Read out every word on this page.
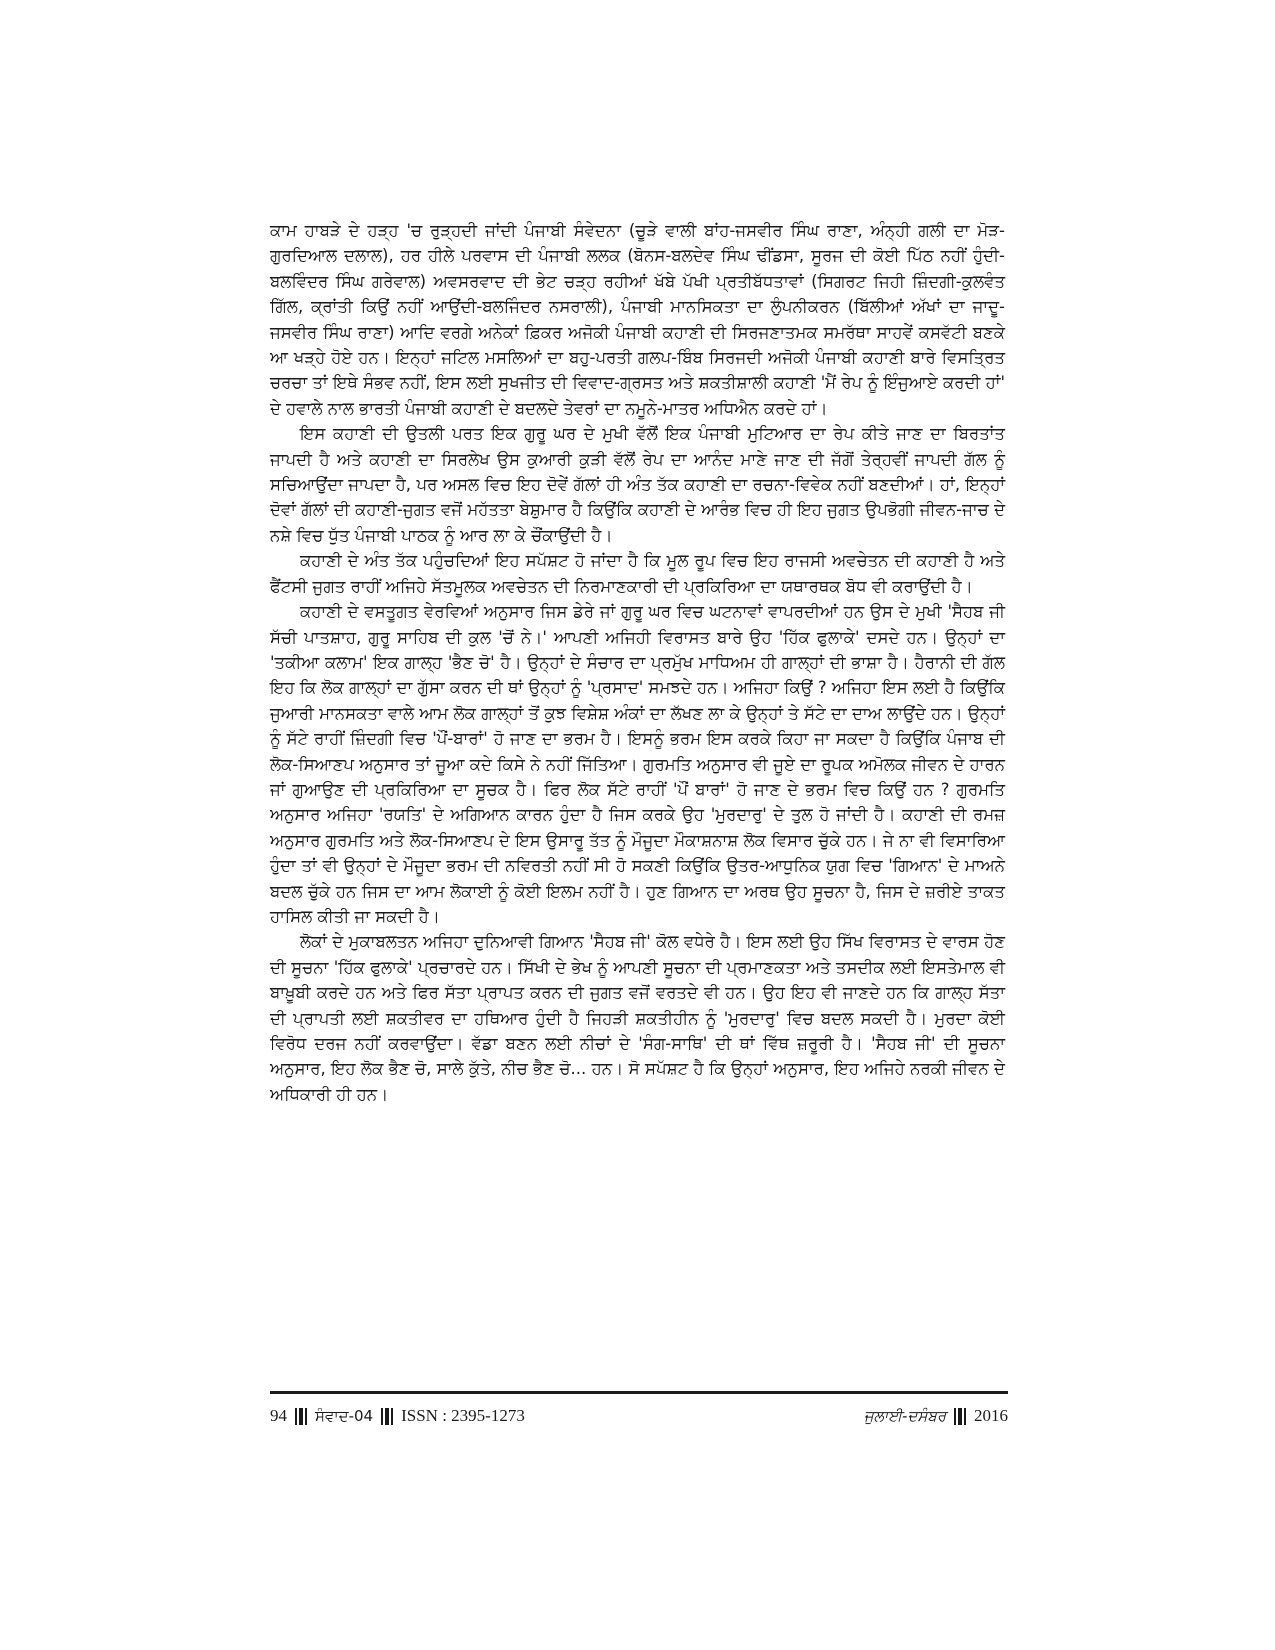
ਕਾਮ ਹਾਬੜੇ ਦੇ ਹੜ੍ਹ 'ਚ ਰੁੜ੍ਹਦੀ ਜਾਂਦੀ ਪੰਜਾਬੀ ਸੰਵੇਦਨਾ (ਚੂੜੇ ਵਾਲੀ ਬਾਂਹ-ਜਸਵੀਰ ਸਿੰਘ ਰਾਣਾ, ਅੰਨ੍ਹੀ ਗਲੀ ਦਾ ਮੋੜ-ਗੁਰਦਿਆਲ ਦਲਾਲ), ਹਰ ਹੀਲੇ ਪਰਵਾਸ ਦੀ ਪੰਜਾਬੀ ਲਲਕ (ਬੋਨਸ-ਬਲਦੇਵ ਸਿੰਘ ਢੀਂਡਸਾ, ਸੂਰਜ ਦੀ ਕੋਈ ਪਿੱਠ ਨਹੀਂ ਹੁੰਦੀ-ਬਲਵਿੰਦਰ ਸਿੰਘ ਗਰੇਵਾਲ) ਅਵਸਰਵਾਦ ਦੀ ਭੇਟ ਚੜ੍ਹ ਰਹੀਆਂ ਖੱਬੇ ਪੱਖੀ ਪ੍ਰਤੀਬੱਧਤਾਵਾਂ (ਸਿਗਰਟ ਜਿਹੀ ਜ਼ਿੰਦਗੀ-ਕੁਲਵੰਤ ਗਿੱਲ, ਕ੍ਰਾਂਤੀ ਕਿਉਂ ਨਹੀਂ ਆਉਂਦੀ-ਬਲਜਿੰਦਰ ਨਸਰਾਲੀ), ਪੰਜਾਬੀ ਮਾਨਸਿਕਤਾ ਦਾ ਲੁੰਪਨੀਕਰਨ (ਬਿੱਲੀਆਂ ਅੱਖਾਂ ਦਾ ਜਾਦੂ-ਜਸਵੀਰ ਸਿੰਘ ਰਾਣਾ) ਆਦਿ ਵਰਗੇ ਅਨੇਕਾਂ ਫ਼ਿਕਰ ਅਜੋਕੀ ਪੰਜਾਬੀ ਕਹਾਣੀ ਦੀ ਸਿਰਜਣਾਤਮਕ ਸਮਰੱਥਾ ਸਾਹਵੇਂ ਕਸਵੱਟੀ ਬਣਕੇ ਆ ਖੜ੍ਹੇ ਹੋਏ ਹਨ। ਇਨ੍ਹਾਂ ਜਟਿਲ ਮਸਲਿਆਂ ਦਾ ਬਹੁ-ਪਰਤੀ ਗਲਪ-ਬਿੰਬ ਸਿਰਜਦੀ ਅਜੋਕੀ ਪੰਜਾਬੀ ਕਹਾਣੀ ਬਾਰੇ ਵਿਸਤ੍ਰਿਤ ਚਰਚਾ ਤਾਂ ਇਥੇ ਸੰਭਵ ਨਹੀਂ, ਇਸ ਲਈ ਸੁਖਜੀਤ ਦੀ ਵਿਵਾਦ-ਗ੍ਰਸਤ ਅਤੇ ਸ਼ਕਤੀਸ਼ਾਲੀ ਕਹਾਣੀ 'ਮੈਂ ਰੇਪ ਨੂੰ ਇੰਜੁਆਏ ਕਰਦੀ ਹਾਂ' ਦੇ ਹਵਾਲੇ ਨਾਲ ਭਾਰਤੀ ਪੰਜਾਬੀ ਕਹਾਣੀ ਦੇ ਬਦਲਦੇ ਤੇਵਰਾਂ ਦਾ ਨਮੂਨੇ-ਮਾਤਰ ਅਧਿਐਨ ਕਰਦੇ ਹਾਂ।

ਇਸ ਕਹਾਣੀ ਦੀ ਉਤਲੀ ਪਰਤ ਇਕ ਗੁਰੂ ਘਰ ਦੇ ਮੁਖੀ ਵੱਲੋਂ ਇਕ ਪੰਜਾਬੀ ਮੁਟਿਆਰ ਦਾ ਰੇਪ ਕੀਤੇ ਜਾਣ ਦਾ ਬਿਰਤਾਂਤ ਜਾਪਦੀ ਹੈ ਅਤੇ ਕਹਾਣੀ ਦਾ ਸਿਰਲੇਖ ਉਸ ਕੁਆਰੀ ਕੁੜੀ ਵੱਲੋਂ ਰੇਪ ਦਾ ਆਨੰਦ ਮਾਣੇ ਜਾਣ ਦੀ ਜੱਗੋਂ ਤੇਰ੍ਹਵੀਂ ਜਾਪਦੀ ਗੱਲ ਨੂੰ ਸਚਿਆਉਂਦਾ ਜਾਪਦਾ ਹੈ, ਪਰ ਅਸਲ ਵਿਚ ਇਹ ਦੋਵੇਂ ਗੱਲਾਂ ਹੀ ਅੰਤ ਤੱਕ ਕਹਾਣੀ ਦਾ ਰਚਨਾ-ਵਿਵੇਕ ਨਹੀਂ ਬਣਦੀਆਂ। ਹਾਂ, ਇਨ੍ਹਾਂ ਦੋਵਾਂ ਗੱਲਾਂ ਦੀ ਕਹਾਣੀ-ਜੁਗਤ ਵਜੋਂ ਮਹੱਤਤਾ ਬੇਸ਼ੁਮਾਰ ਹੈ ਕਿਉਂਕਿ ਕਹਾਣੀ ਦੇ ਆਰੰਭ ਵਿਚ ਹੀ ਇਹ ਜੁਗਤ ਉਪਭੋਗੀ ਜੀਵਨ-ਜਾਚ ਦੇ ਨਸ਼ੇ ਵਿਚ ਧੁੱਤ ਪੰਜਾਬੀ ਪਾਠਕ ਨੂੰ ਆਰ ਲਾ ਕੇ ਚੌਂਕਾਉਂਦੀ ਹੈ।

ਕਹਾਣੀ ਦੇ ਅੰਤ ਤੱਕ ਪਹੁੰਚਦਿਆਂ ਇਹ ਸਪੱਸ਼ਟ ਹੋ ਜਾਂਦਾ ਹੈ ਕਿ ਮੂਲ ਰੂਪ ਵਿਚ ਇਹ ਰਾਜਸੀ ਅਵਚੇਤਨ ਦੀ ਕਹਾਣੀ ਹੈ ਅਤੇ ਫੈਂਟਸੀ ਜੁਗਤ ਰਾਹੀਂ ਅਜਿਹੇ ਸੱਤਮੂਲਕ ਅਵਚੇਤਨ ਦੀ ਨਿਰਮਾਣਕਾਰੀ ਦੀ ਪ੍ਰਕਿਰਿਆ ਦਾ ਯਥਾਰਥਕ ਬੋਧ ਵੀ ਕਰਾਉਂਦੀ ਹੈ।

ਕਹਾਣੀ ਦੇ ਵਸਤੂਗਤ ਵੇਰਵਿਆਂ ਅਨੁਸਾਰ ਜਿਸ ਡੇਰੇ ਜਾਂ ਗੁਰੂ ਘਰ ਵਿਚ ਘਟਨਾਵਾਂ ਵਾਪਰਦੀਆਂ ਹਨ ਉਸ ਦੇ ਮੁਖੀ 'ਸੈਹਬ ਜੀ ਸੱਚੀ ਪਾਤਸ਼ਾਹ, ਗੁਰੂ ਸਾਹਿਬ ਦੀ ਕੁਲ 'ਚੋਂ ਨੇ।' ਆਪਣੀ ਅਜਿਹੀ ਵਿਰਾਸਤ ਬਾਰੇ ਉਹ 'ਹਿੱਕ ਫੁਲਾਕੇ' ਦਸਦੇ ਹਨ। ਉਨ੍ਹਾਂ ਦਾ 'ਤਕੀਆ ਕਲਾਮ' ਇਕ ਗਾਲ੍ਹ 'ਭੈਣ ਚੋ' ਹੈ। ਉਨ੍ਹਾਂ ਦੇ ਸੰਚਾਰ ਦਾ ਪ੍ਰਮੁੱਖ ਮਾਧਿਅਮ ਹੀ ਗਾਲ੍ਹਾਂ ਦੀ ਭਾਸ਼ਾ ਹੈ। ਹੈਰਾਨੀ ਦੀ ਗੱਲ ਇਹ ਕਿ ਲੋਕ ਗਾਲ੍ਹਾਂ ਦਾ ਗੁੱਸਾ ਕਰਨ ਦੀ ਥਾਂ ਉਨ੍ਹਾਂ ਨੂੰ 'ਪ੍ਰਸਾਦ' ਸਮਝਦੇ ਹਨ। ਅਜਿਹਾ ਕਿਉਂ ? ਅਜਿਹਾ ਇਸ ਲਈ ਹੈ ਕਿਉਂਕਿ ਜੁਆਰੀ ਮਾਨਸਕਤਾ ਵਾਲੇ ਆਮ ਲੋਕ ਗਾਲ੍ਹਾਂ ਤੋਂ ਕੁਝ ਵਿਸ਼ੇਸ਼ ਅੰਕਾਂ ਦਾ ਲੱਖਣ ਲਾ ਕੇ ਉਨ੍ਹਾਂ ਤੇ ਸੱਟੇ ਦਾ ਦਾਅ ਲਾਉਂਦੇ ਹਨ। ਉਨ੍ਹਾਂ ਨੂੰ ਸੱਟੇ ਰਾਹੀਂ ਜ਼ਿੰਦਗੀ ਵਿਚ 'ਪੌਂ-ਬਾਰਾਂ' ਹੋ ਜਾਣ ਦਾ ਭਰਮ ਹੈ। ਇਸਨੂੰ ਭਰਮ ਇਸ ਕਰਕੇ ਕਿਹਾ ਜਾ ਸਕਦਾ ਹੈ ਕਿਉਂਕਿ ਪੰਜਾਬ ਦੀ ਲੋਕ-ਸਿਆਣਪ ਅਨੁਸਾਰ ਤਾਂ ਜੂਆ ਕਦੇ ਕਿਸੇ ਨੇ ਨਹੀਂ ਜਿੱਤਿਆ। ਗੁਰਮਤਿ ਅਨੁਸਾਰ ਵੀ ਜੂਏ ਦਾ ਰੂਪਕ ਅਮੋਲਕ ਜੀਵਨ ਦੇ ਹਾਰਨ ਜਾਂ ਗੁਆਉਣ ਦੀ ਪ੍ਰਕਿਰਿਆ ਦਾ ਸੂਚਕ ਹੈ। ਫਿਰ ਲੋਕ ਸੱਟੇ ਰਾਹੀਂ 'ਪੌਂ ਬਾਰਾਂ' ਹੋ ਜਾਣ ਦੇ ਭਰਮ ਵਿਚ ਕਿਉਂ ਹਨ ? ਗੁਰਮਤਿ ਅਨੁਸਾਰ ਅਜਿਹਾ 'ਰਯਤਿ' ਦੇ ਅਗਿਆਨ ਕਾਰਨ ਹੁੰਦਾ ਹੈ ਜਿਸ ਕਰਕੇ ਉਹ 'ਮੁਰਦਾਰੁ' ਦੇ ਤੁਲ ਹੋ ਜਾਂਦੀ ਹੈ। ਕਹਾਣੀ ਦੀ ਰਮਜ਼ ਅਨੁਸਾਰ ਗੁਰਮਤਿ ਅਤੇ ਲੋਕ-ਸਿਆਣਪ ਦੇ ਇਸ ਉਸਾਰੂ ਤੱਤ ਨੂੰ ਮੌਜੂਦਾ ਮੌਕਾਸ਼ਨਾਸ਼ ਲੋਕ ਵਿਸਾਰ ਚੁੱਕੇ ਹਨ। ਜੇ ਨਾ ਵੀ ਵਿਸਾਰਿਆ ਹੁੰਦਾ ਤਾਂ ਵੀ ਉਨ੍ਹਾਂ ਦੇ ਮੌਜੂਦਾ ਭਰਮ ਦੀ ਨਵਿਰਤੀ ਨਹੀਂ ਸੀ ਹੋ ਸਕਣੀ ਕਿਉਂਕਿ ਉਤਰ-ਆਧੁਨਿਕ ਯੁਗ ਵਿਚ 'ਗਿਆਨ' ਦੇ ਮਾਅਨੇ ਬਦਲ ਚੁੱਕੇ ਹਨ ਜਿਸ ਦਾ ਆਮ ਲੋਕਾਈ ਨੂੰ ਕੋਈ ਇਲਮ ਨਹੀਂ ਹੈ। ਹੁਣ ਗਿਆਨ ਦਾ ਅਰਥ ਉਹ ਸੂਚਨਾ ਹੈ, ਜਿਸ ਦੇ ਜ਼ਰੀਏ ਤਾਕਤ ਹਾਸਿਲ ਕੀਤੀ ਜਾ ਸਕਦੀ ਹੈ।

ਲੋਕਾਂ ਦੇ ਮੁਕਾਬਲਤਨ ਅਜਿਹਾ ਦੁਨਿਆਵੀ ਗਿਆਨ 'ਸੈਹਬ ਜੀ' ਕੋਲ ਵਧੇਰੇ ਹੈ। ਇਸ ਲਈ ਉਹ ਸਿੱਖ ਵਿਰਾਸਤ ਦੇ ਵਾਰਸ ਹੋਣ ਦੀ ਸੂਚਨਾ 'ਹਿੱਕ ਫੁਲਾਕੇ' ਪ੍ਰਚਾਰਦੇ ਹਨ। ਸਿੱਖੀ ਦੇ ਭੇਖ ਨੂੰ ਆਪਣੀ ਸੂਚਨਾ ਦੀ ਪ੍ਰਮਾਣਕਤਾ ਅਤੇ ਤਸਦੀਕ ਲਈ ਇਸਤੇਮਾਲ ਵੀ ਬਾਖ਼ੂਬੀ ਕਰਦੇ ਹਨ ਅਤੇ ਫਿਰ ਸੱਤਾ ਪ੍ਰਾਪਤ ਕਰਨ ਦੀ ਜੁਗਤ ਵਜੋਂ ਵਰਤਦੇ ਵੀ ਹਨ। ਉਹ ਇਹ ਵੀ ਜਾਣਦੇ ਹਨ ਕਿ ਗਾਲ੍ਹ ਸੱਤਾ ਦੀ ਪ੍ਰਾਪਤੀ ਲਈ ਸ਼ਕਤੀਵਰ ਦਾ ਹਥਿਆਰ ਹੁੰਦੀ ਹੈ ਜਿਹੜੀ ਸ਼ਕਤੀਹੀਨ ਨੂੰ 'ਮੁਰਦਾਰੁ' ਵਿਚ ਬਦਲ ਸਕਦੀ ਹੈ। ਮੁਰਦਾ ਕੋਈ ਵਿਰੋਧ ਦਰਜ ਨਹੀਂ ਕਰਵਾਉਂਦਾ। ਵੱਡਾ ਬਣਨ ਲਈ ਨੀਚਾਂ ਦੇ 'ਸੰਗ-ਸਾਥਿ' ਦੀ ਥਾਂ ਵਿੱਥ ਜ਼ਰੂਰੀ ਹੈ। 'ਸੈਹਬ ਜੀ' ਦੀ ਸੂਚਨਾ ਅਨੁਸਾਰ, ਇਹ ਲੋਕ ਭੈਣ ਚੋ, ਸਾਲੇ ਕੁੱਤੇ, ਨੀਚ ਭੈਣ ਚੋ... ਹਨ। ਸੋ ਸਪੱਸ਼ਟ ਹੈ ਕਿ ਉਨ੍ਹਾਂ ਅਨੁਸਾਰ, ਇਹ ਅਜਿਹੇ ਨਰਕੀ ਜੀਵਨ ਦੇ ਅਧਿਕਾਰੀ ਹੀ ਹਨ।

94 ਸੰਵਾਦ-04 ISSN : 2395-1273	ਜੁਲਾਈ-ਦਸੰਬਰ 2016
